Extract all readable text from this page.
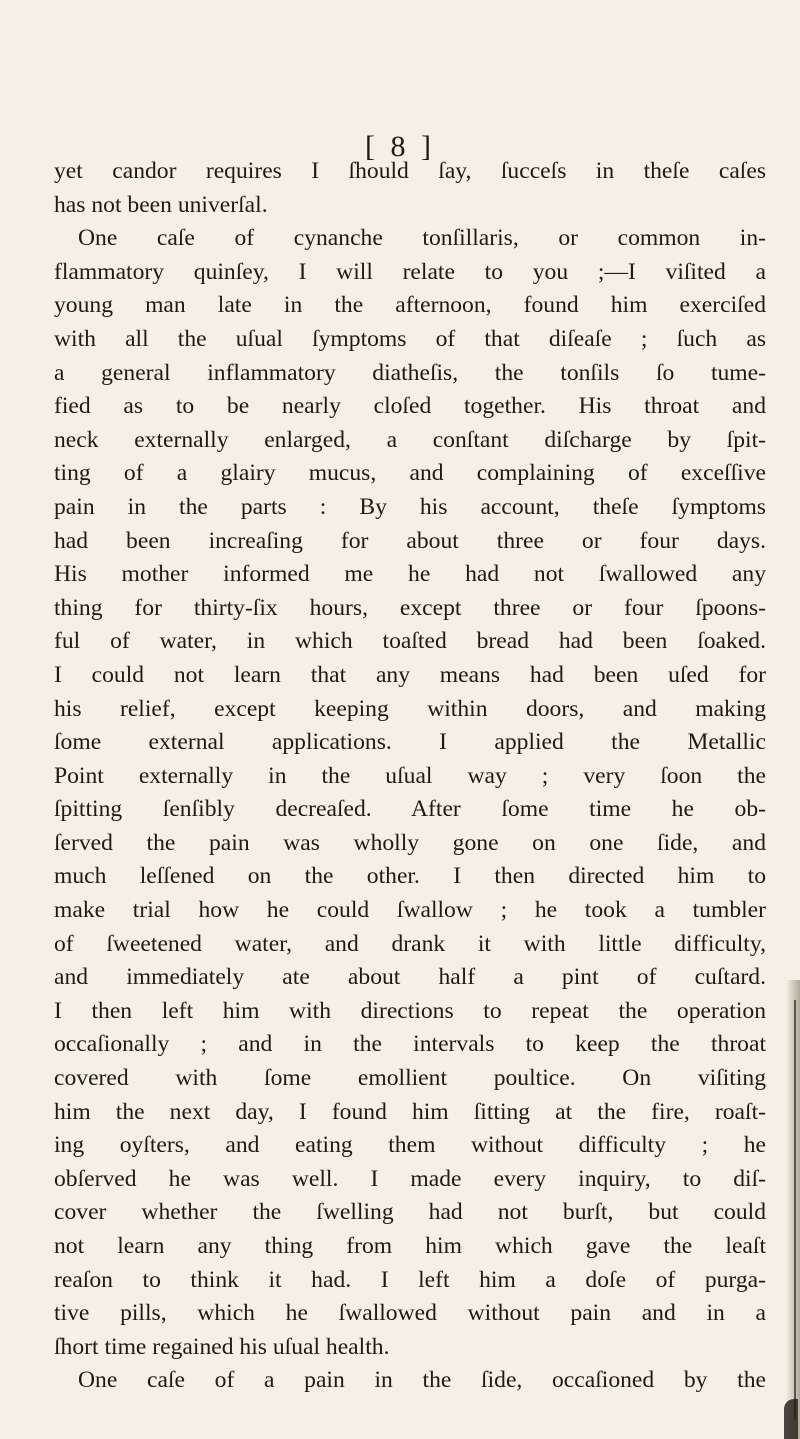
[ 8 ]
yet candor requires I ſhould ſay, ſucceſs in theſe caſes
has not been univerſal.
One caſe of cynanche tonſillaris, or common in-
flammatory quinſey, I will relate to you ;—I viſited a
young man late in the afternoon, found him exerciſed
with all the uſual ſymptoms of that diſeaſe ; ſuch as
a general inflammatory diatheſis, the tonſils ſo tume-
fied as to be nearly cloſed together. His throat and
neck externally enlarged, a conſtant diſcharge by ſpit-
ting of a glairy mucus, and complaining of exceſſive
pain in the parts : By his account, theſe ſymptoms
had been increaſing for about three or four days.
His mother informed me he had not ſwallowed any
thing for thirty-ſix hours, except three or four ſpoons-
ful of water, in which toaſted bread had been ſoaked.
I could not learn that any means had been uſed for
his relief, except keeping within doors, and making
ſome external applications. I applied the Metallic
Point externally in the uſual way ; very ſoon the
ſpitting ſenſibly decreaſed. After ſome time he ob-
ſerved the pain was wholly gone on one ſide, and
much leſſened on the other. I then directed him to
make trial how he could ſwallow ; he took a tumbler
of ſweetened water, and drank it with little difficulty,
and immediately ate about half a pint of cuſtard.
I then left him with directions to repeat the operation
occaſionally ; and in the intervals to keep the throat
covered with ſome emollient poultice. On viſiting
him the next day, I found him ſitting at the fire, roaſt-
ing oyſters, and eating them without difficulty ; he
obſerved he was well. I made every inquiry, to diſ-
cover whether the ſwelling had not burſt, but could
not learn any thing from him which gave the leaſt
reaſon to think it had. I left him a doſe of purga-
tive pills, which he ſwallowed without pain and in a
ſhort time regained his uſual health.
One caſe of a pain in the ſide, occaſioned by the
